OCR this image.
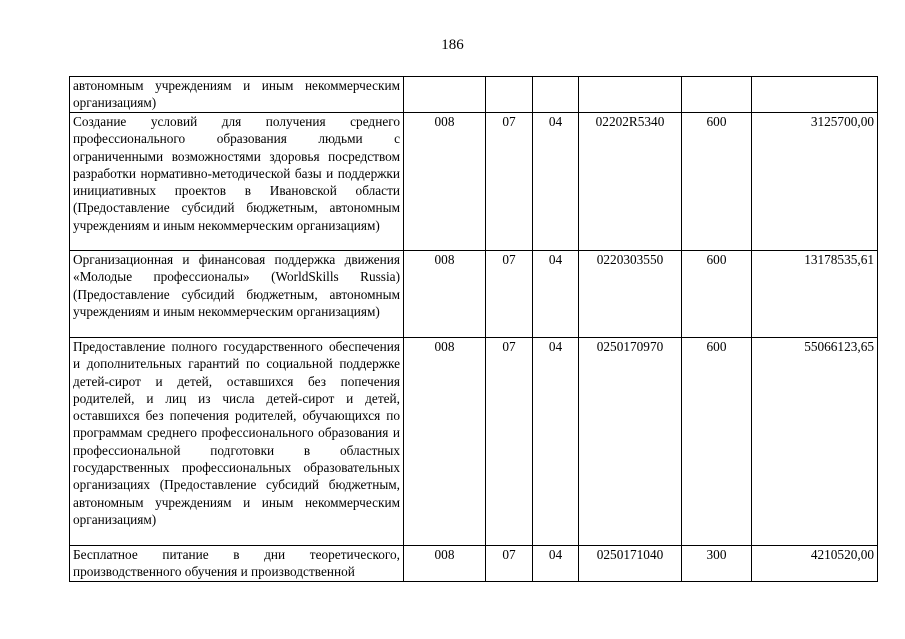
186
автономным учреждениям и иным некоммерческим организациям)						
Создание условий для получения среднего профессионального образования людьми с ограниченными возможностями здоровья посредством разработки нормативно-методической базы и поддержки инициативных проектов в Ивановской области (Предоставление субсидий бюджетным, автономным учреждениям и иным некоммерческим организациям)	008	07	04	02202R5340	600	3125700,00
Организационная и финансовая поддержка движения «Молодые профессионалы» (WorldSkills Russia) (Предоставление субсидий бюджетным, автономным учреждениям и иным некоммерческим организациям)	008	07	04	0220303550	600	13178535,61
Предоставление полного государственного обеспечения и дополнительных гарантий по социальной поддержке детей-сирот и детей, оставшихся без попечения родителей, и лиц из числа детей-сирот и детей, оставшихся без попечения родителей, обучающихся по программам среднего профессионального образования и профессиональной подготовки в областных государственных профессиональных образовательных организациях (Предоставление субсидий бюджетным, автономным учреждениям и иным некоммерческим организациям)	008	07	04	0250170970	600	55066123,65
Бесплатное питание в дни теоретического, производственного обучения и производственной	008	07	04	0250171040	300	4210520,00
